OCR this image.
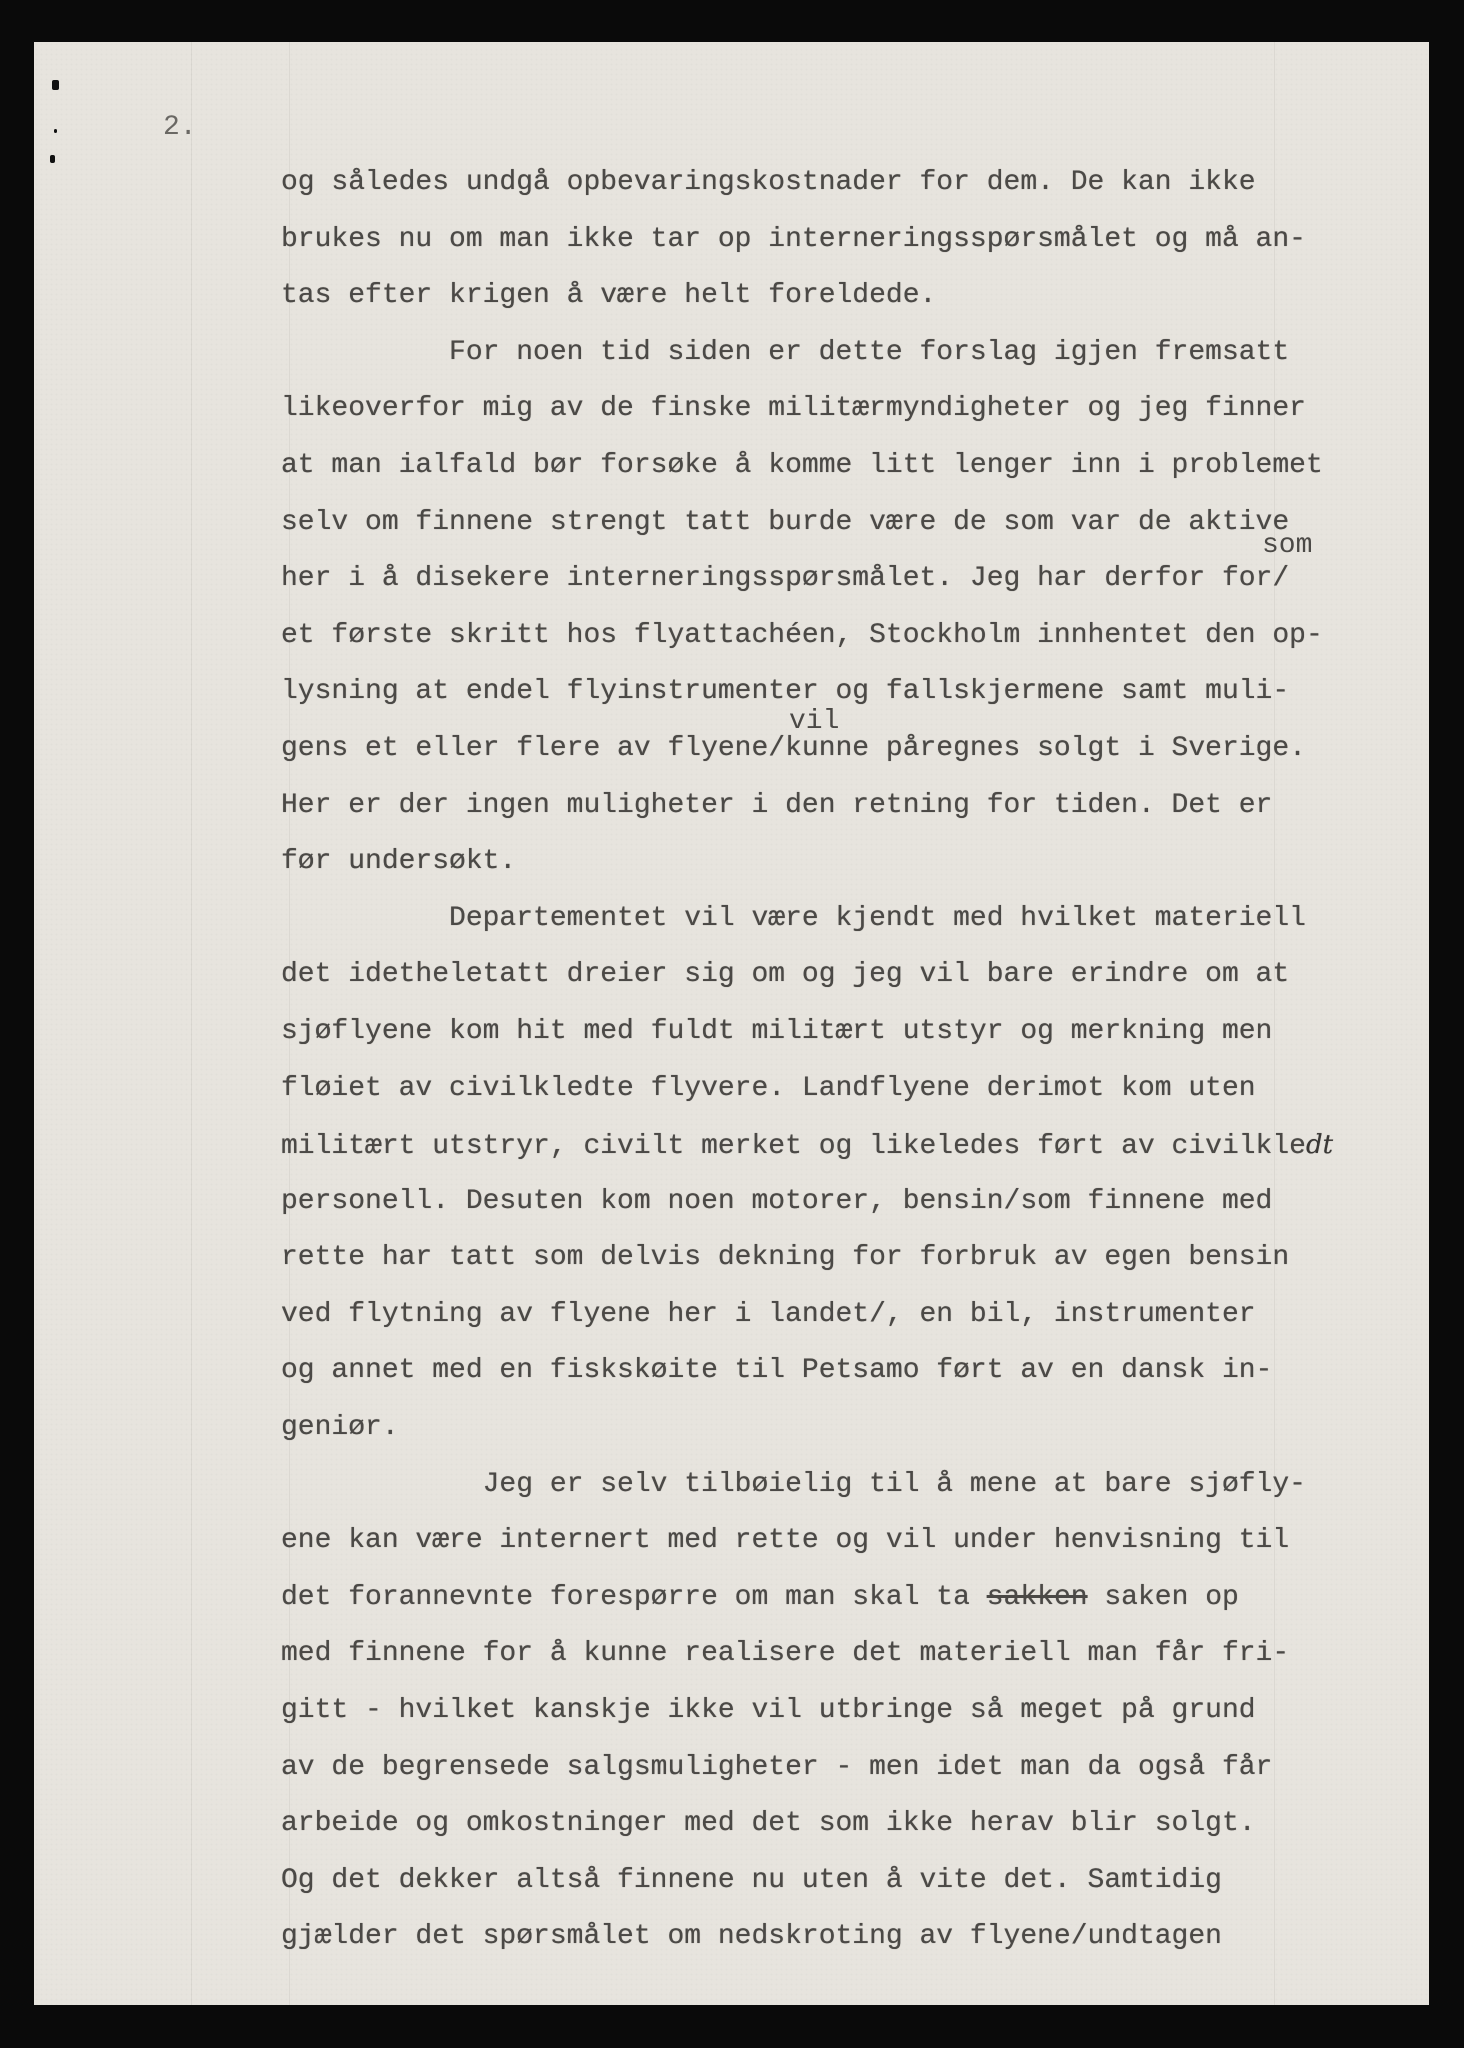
2.
som
vil
og således undgå opbevaringskostnader for dem. De kan ikke
brukes nu om man ikke tar op interneringsspørsmålet og må an-
tas efter krigen å være helt foreldede.
For noen tid siden er dette forslag igjen fremsatt
likeoverfor mig av de finske militærmyndigheter og jeg finner
at man ialfald bør forsøke å komme litt lenger inn i problemet
selv om finnene strengt tatt burde være de som var de aktive
her i å disekere interneringsspørsmålet. Jeg har derfor for/
et første skritt hos flyattachéen, Stockholm innhentet den op-
lysning at endel flyinstrumenter og fallskjermene samt muli-
gens et eller flere av flyene/kunne påregnes solgt i Sverige.
Her er der ingen muligheter i den retning for tiden. Det er
før undersøkt.
Departementet vil være kjendt med hvilket materiell
det idetheletatt dreier sig om og jeg vil bare erindre om at
sjøflyene kom hit med fuldt militært utstyr og merkning men
fløiet av civilkledte flyvere. Landflyene derimot kom uten
militært utstryr, civilt merket og likeledes ført av civilkledt
personell. Desuten kom noen motorer, bensin/som finnene med
rette har tatt som delvis dekning for forbruk av egen bensin
ved flytning av flyene her i landet/, en bil, instrumenter
og annet med en fiskskøite til Petsamo ført av en dansk in-
geniør.
Jeg er selv tilbøielig til å mene at bare sjøfly-
ene kan være internert med rette og vil under henvisning til
det forannevnte forespørre om man skal ta sakken saken op
med finnene for å kunne realisere det materiell man får fri-
gitt - hvilket kanskje ikke vil utbringe så meget på grund
av de begrensede salgsmuligheter - men idet man da også får
arbeide og omkostninger med det som ikke herav blir solgt.
Og det dekker altså finnene nu uten å vite det. Samtidig
gjælder det spørsmålet om nedskroting av flyene/undtagen
